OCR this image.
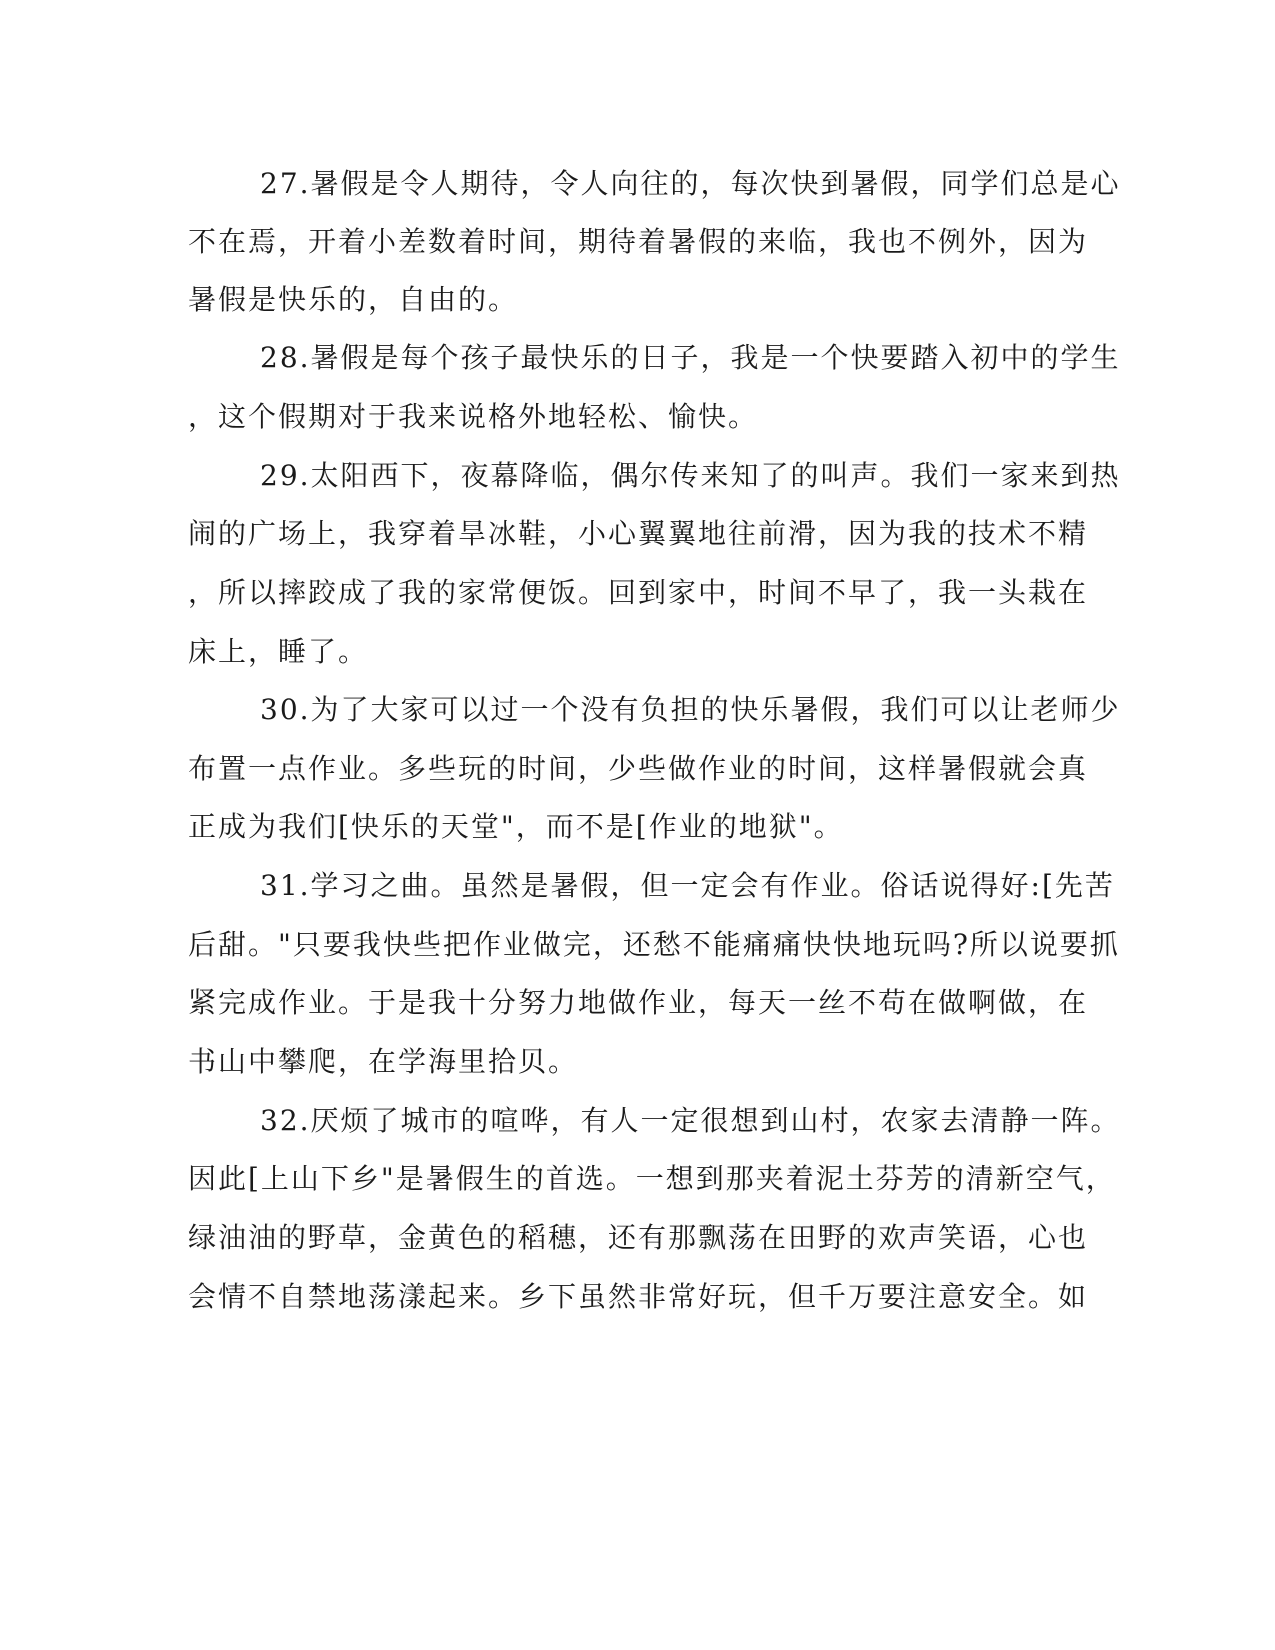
27.暑假是令人期待，令人向往的，每次快到暑假，同学们总是心
不在焉，开着小差数着时间，期待着暑假的来临，我也不例外，因为
暑假是快乐的，自由的。
28.暑假是每个孩子最快乐的日子，我是一个快要踏入初中的学生
，这个假期对于我来说格外地轻松、愉快。
29.太阳西下，夜幕降临，偶尔传来知了的叫声。我们一家来到热
闹的广场上，我穿着旱冰鞋，小心翼翼地往前滑，因为我的技术不精
，所以摔跤成了我的家常便饭。回到家中，时间不早了，我一头栽在
床上，睡了。
30.为了大家可以过一个没有负担的快乐暑假，我们可以让老师少
布置一点作业。多些玩的时间，少些做作业的时间，这样暑假就会真
正成为我们[快乐的天堂"，而不是[作业的地狱"。
31.学习之曲。虽然是暑假，但一定会有作业。俗话说得好:[先苦
后甜。"只要我快些把作业做完，还愁不能痛痛快快地玩吗?所以说要抓
紧完成作业。于是我十分努力地做作业，每天一丝不苟在做啊做，在
书山中攀爬，在学海里拾贝。
32.厌烦了城市的喧哗，有人一定很想到山村，农家去清静一阵。
因此[上山下乡"是暑假生的首选。一想到那夹着泥土芬芳的清新空气，
绿油油的野草，金黄色的稻穗，还有那飘荡在田野的欢声笑语，心也
会情不自禁地荡漾起来。乡下虽然非常好玩，但千万要注意安全。如
